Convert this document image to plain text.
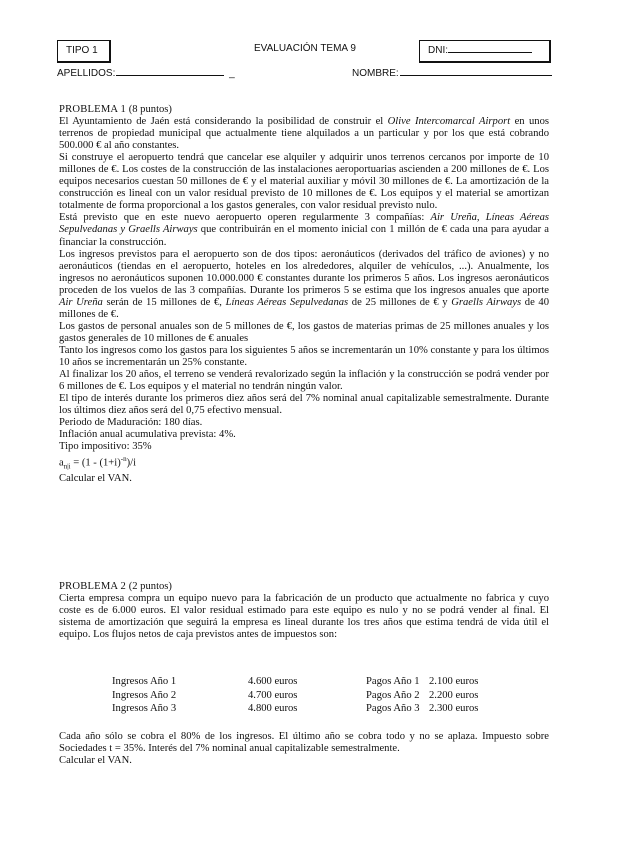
TIPO 1	EVALUACIÓN TEMA 9	DNI:
APELLIDOS:	_	NOMBRE:

PROBLEMA 1 (8 puntos)

El Ayuntamiento de Jaén está considerando la posibilidad de construir el Olive Intercomarcal Airport en unos terrenos de propiedad municipal que actualmente tiene alquilados a un particular y por los que está cobrando 500.000 € al año constantes.

Si construye el aeropuerto tendrá que cancelar ese alquiler y adquirir unos terrenos cercanos por importe de 10 millones de €. Los costes de la construcción de las instalaciones aeroportuarias ascienden a 200 millones de €. Los equipos necesarios cuestan 50 millones de € y el material auxiliar y móvil 30 millones de €. La amortización de la construcción es lineal con un valor residual previsto de 10 millones de €. Los equipos y el material se amortizan totalmente de forma proporcional a los gastos generales, con valor residual previsto nulo.

Está previsto que en este nuevo aeropuerto operen regularmente 3 compañías: Air Ureña, Líneas Aéreas Sepulvedanas y Graells Airways que contribuirán en el momento inicial con 1 millón de € cada una para ayudar a financiar la construcción.

Los ingresos previstos para el aeropuerto son de dos tipos: aeronáuticos (derivados del tráfico de aviones) y no aeronáuticos (tiendas en el aeropuerto, hoteles en los alrededores, alquiler de vehículos, ...). Anualmente, los ingresos no aeronáuticos suponen 10.000.000 € constantes durante los primeros 5 años. Los ingresos aeronáuticos proceden de los vuelos de las 3 compañías. Durante los primeros 5 se estima que los ingresos anuales que aporte Air Ureña serán de 15 millones de €, Líneas Aéreas Sepulvedanas de 25 millones de € y Graells Airways de 40 millones de €.

Los gastos de personal anuales son de 5 millones de €, los gastos de materias primas de 25 millones anuales y los gastos generales de 10 millones de € anuales

Tanto los ingresos como los gastos para los siguientes 5 años se incrementarán un 10% constante y para los últimos 10 años se incrementarán un 25% constante.

Al finalizar los 20 años, el terreno se venderá revalorizado según la inflación y la construcción se podrá vender por 6 millones de €. Los equipos y el material no tendrán ningún valor.

El tipo de interés durante los primeros diez años será del 7% nominal anual capitalizable semestralmente. Durante los últimos diez años será del 0,75 efectivo mensual.

Periodo de Maduración: 180 días.

Inflación anual acumulativa prevista: 4%.

Tipo impositivo: 35%

$a_{n|i} = (1 - (1+i)^{-n})/i$

Calcular el VAN.

PROBLEMA 2 (2 puntos)

Cierta empresa compra un equipo nuevo para la fabricación de un producto que actualmente no fabrica y cuyo coste es de 6.000 euros. El valor residual estimado para este equipo es nulo y no se podrá vender al final. El sistema de amortización que seguirá la empresa es lineal durante los tres años que estima tendrá de vida útil el equipo. Los flujos netos de caja previstos antes de impuestos son:

Ingresos Año 1	4.600 euros	Pagos Año 1	2.100 euros
Ingresos Año 2	4.700 euros	Pagos Año 2	2.200 euros
Ingresos Año 3	4.800 euros	Pagos Año 3	2.300 euros

Cada año sólo se cobra el 80% de los ingresos. El último año se cobra todo y no se aplaza. Impuesto sobre Sociedades t = 35%. Interés del 7% nominal anual capitalizable semestralmente.

Calcular el VAN.
